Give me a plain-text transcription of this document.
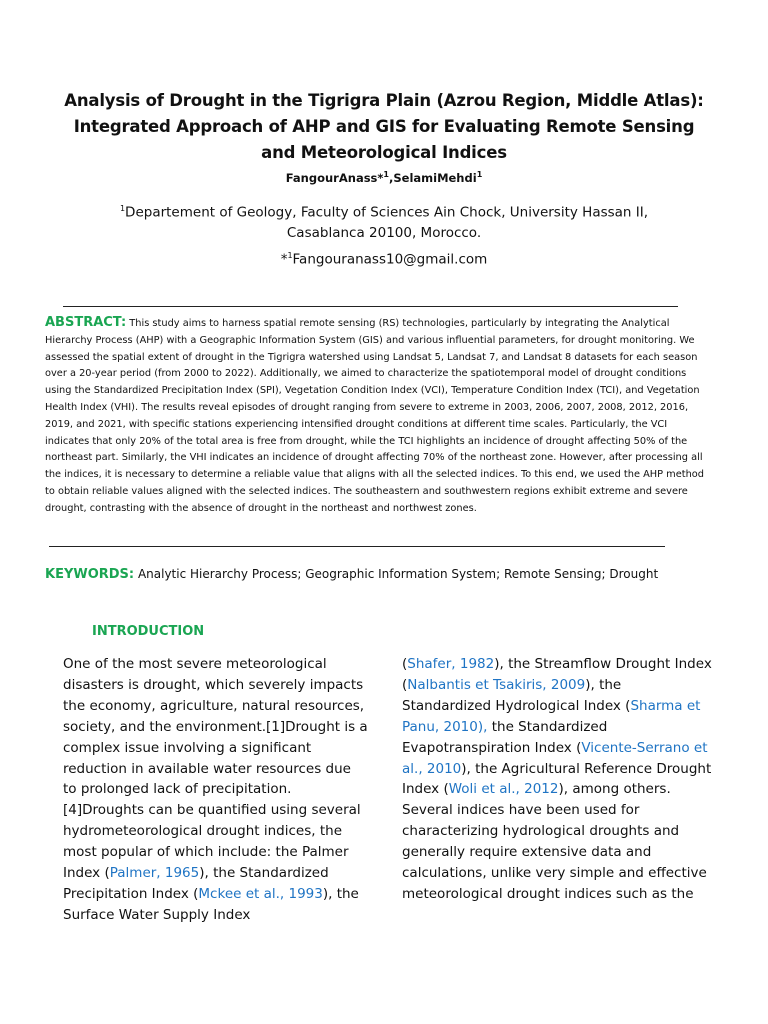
Analysis of Drought in the Tigrigra Plain (Azrou Region, Middle Atlas): Integrated Approach of AHP and GIS for Evaluating Remote Sensing and Meteorological Indices
FangourAnass*$^1$,SelamiMehdi$^1$
$^1$Departement of Geology, Faculty of Sciences Ain Chock, University Hassan II, Casablanca 20100, Morocco.
*$^1$Fangouranass10@gmail.com
ABSTRACT: This study aims to harness spatial remote sensing (RS) technologies, particularly by integrating the Analytical Hierarchy Process (AHP) with a Geographic Information System (GIS) and various influential parameters, for drought monitoring. We assessed the spatial extent of drought in the Tigrigra watershed using Landsat 5, Landsat 7, and Landsat 8 datasets for each season over a 20-year period (from 2000 to 2022). Additionally, we aimed to characterize the spatiotemporal model of drought conditions using the Standardized Precipitation Index (SPI), Vegetation Condition Index (VCI), Temperature Condition Index (TCI), and Vegetation Health Index (VHI). The results reveal episodes of drought ranging from severe to extreme in 2003, 2006, 2007, 2008, 2012, 2016, 2019, and 2021, with specific stations experiencing intensified drought conditions at different time scales. Particularly, the VCI indicates that only 20% of the total area is free from drought, while the TCI highlights an incidence of drought affecting 50% of the northeast part. Similarly, the VHI indicates an incidence of drought affecting 70% of the northeast zone. However, after processing all the indices, it is necessary to determine a reliable value that aligns with all the selected indices. To this end, we used the AHP method to obtain reliable values aligned with the selected indices. The southeastern and southwestern regions exhibit extreme and severe drought, contrasting with the absence of drought in the northeast and northwest zones.
KEYWORDS: Analytic Hierarchy Process; Geographic Information System; Remote Sensing; Drought
INTRODUCTION
One of the most severe meteorological disasters is drought, which severely impacts the economy, agriculture, natural resources, society, and the environment.[1]Drought is a complex issue involving a significant reduction in available water resources due to prolonged lack of precipitation.[4]Droughts can be quantified using several hydrometeorological drought indices, the most popular of which include: the Palmer Index (Palmer, 1965), the Standardized Precipitation Index (Mckee et al., 1993), the Surface Water Supply Index
(Shafer, 1982), the Streamflow Drought Index (Nalbantis et Tsakiris, 2009), the Standardized Hydrological Index (Sharma et Panu, 2010), the Standardized Evapotranspiration Index (Vicente-Serrano et al., 2010), the Agricultural Reference Drought Index (Woli et al., 2012), among others. Several indices have been used for characterizing hydrological droughts and generally require extensive data and calculations, unlike very simple and effective meteorological drought indices such as the
